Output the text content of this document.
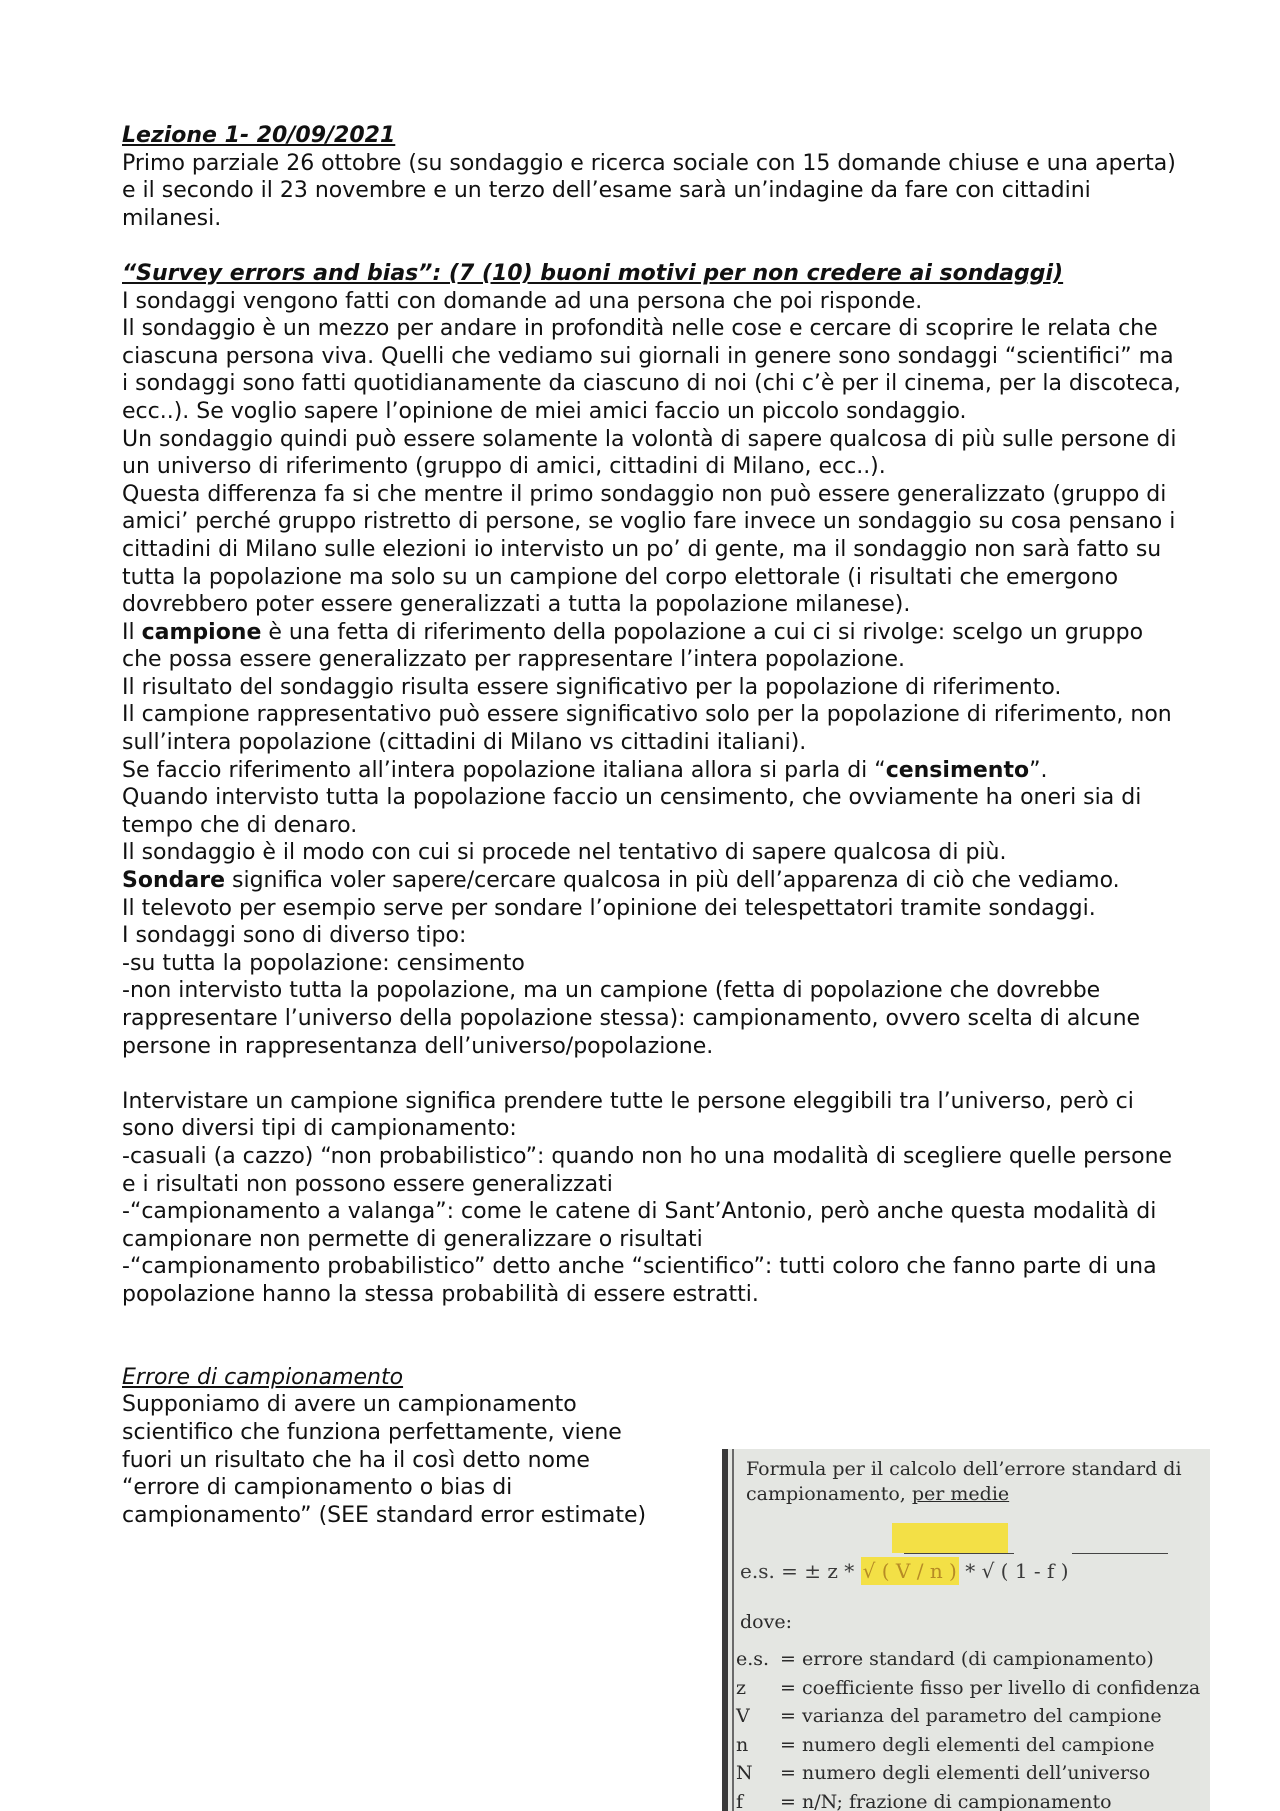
Lezione 1- 20/09/2021
Primo parziale 26 ottobre (su sondaggio e ricerca sociale con 15 domande chiuse e una aperta) e il secondo il 23 novembre e un terzo dell’esame sarà un’indagine da fare con cittadini milanesi.
“Survey errors and bias”: (7 (10) buoni motivi per non credere ai sondaggi)
I sondaggi vengono fatti con domande ad una persona che poi risponde.
Il sondaggio è un mezzo per andare in profondità nelle cose e cercare di scoprire le relata che ciascuna persona viva. Quelli che vediamo sui giornali in genere sono sondaggi “scientifici” ma i sondaggi sono fatti quotidianamente da ciascuno di noi (chi c’è per il cinema, per la discoteca, ecc..). Se voglio sapere l’opinione de miei amici faccio un piccolo sondaggio.
Un sondaggio quindi può essere solamente la volontà di sapere qualcosa di più sulle persone di un universo di riferimento (gruppo di amici, cittadini di Milano, ecc..).
Questa differenza fa si che mentre il primo sondaggio non può essere generalizzato (gruppo di amici’ perché gruppo ristretto di persone, se voglio fare invece un sondaggio su cosa pensano i cittadini di Milano sulle elezioni io intervisto un po’ di gente, ma il sondaggio non sarà fatto su tutta la popolazione ma solo su un campione del corpo elettorale (i risultati che emergono dovrebbero poter essere generalizzati a tutta la popolazione milanese).
Il campione è una fetta di riferimento della popolazione a cui ci si rivolge: scelgo un gruppo che possa essere generalizzato per rappresentare l’intera popolazione.
Il risultato del sondaggio risulta essere significativo per la popolazione di riferimento.
Il campione rappresentativo può essere significativo solo per la popolazione di riferimento, non sull’intera popolazione (cittadini di Milano vs cittadini italiani).
Se faccio riferimento all’intera popolazione italiana allora si parla di “censimento”.
Quando intervisto tutta la popolazione faccio un censimento, che ovviamente ha oneri sia di tempo che di denaro.
Il sondaggio è il modo con cui si procede nel tentativo di sapere qualcosa di più.
Sondare significa voler sapere/cercare qualcosa in più dell’apparenza di ciò che vediamo.
Il televoto per esempio serve per sondare l’opinione dei telespettatori tramite sondaggi.
I sondaggi sono di diverso tipo:
-su tutta la popolazione: censimento
-non intervisto tutta la popolazione, ma un campione (fetta di popolazione che dovrebbe rappresentare l’universo della popolazione stessa): campionamento, ovvero scelta di alcune persone in rappresentanza dell’universo/popolazione.
Intervistare un campione significa prendere tutte le persone eleggibili tra l’universo, però ci sono diversi tipi di campionamento:
-casuali (a cazzo) “non probabilistico”: quando non ho una modalità di scegliere quelle persone e i risultati non possono essere generalizzati
-“campionamento a valanga”: come le catene di Sant’Antonio, però anche questa modalità di campionare non permette di generalizzare o risultati
-“campionamento probabilistico” detto anche “scientifico”: tutti coloro che fanno parte di una popolazione hanno la stessa probabilità di essere estratti.
Errore di campionamento
Supponiamo di avere un campionamento
scientifico che funziona perfettamente, viene
fuori un risultato che ha il così detto nome
“errore di campionamento o bias di
campionamento” (SEE standard error estimate)
Formula per il calcolo dell’errore standard di
campionamento, per medie
e.s. = ± z * √ ( V / n ) * √ ( 1 - f )
dove:
e.s. = errore standard (di campionamento)
z = coefficiente fisso per livello di confidenza
V = varianza del parametro del campione
n = numero degli elementi del campione
N = numero degli elementi dell’universo
f = n/N; frazione di campionamento
